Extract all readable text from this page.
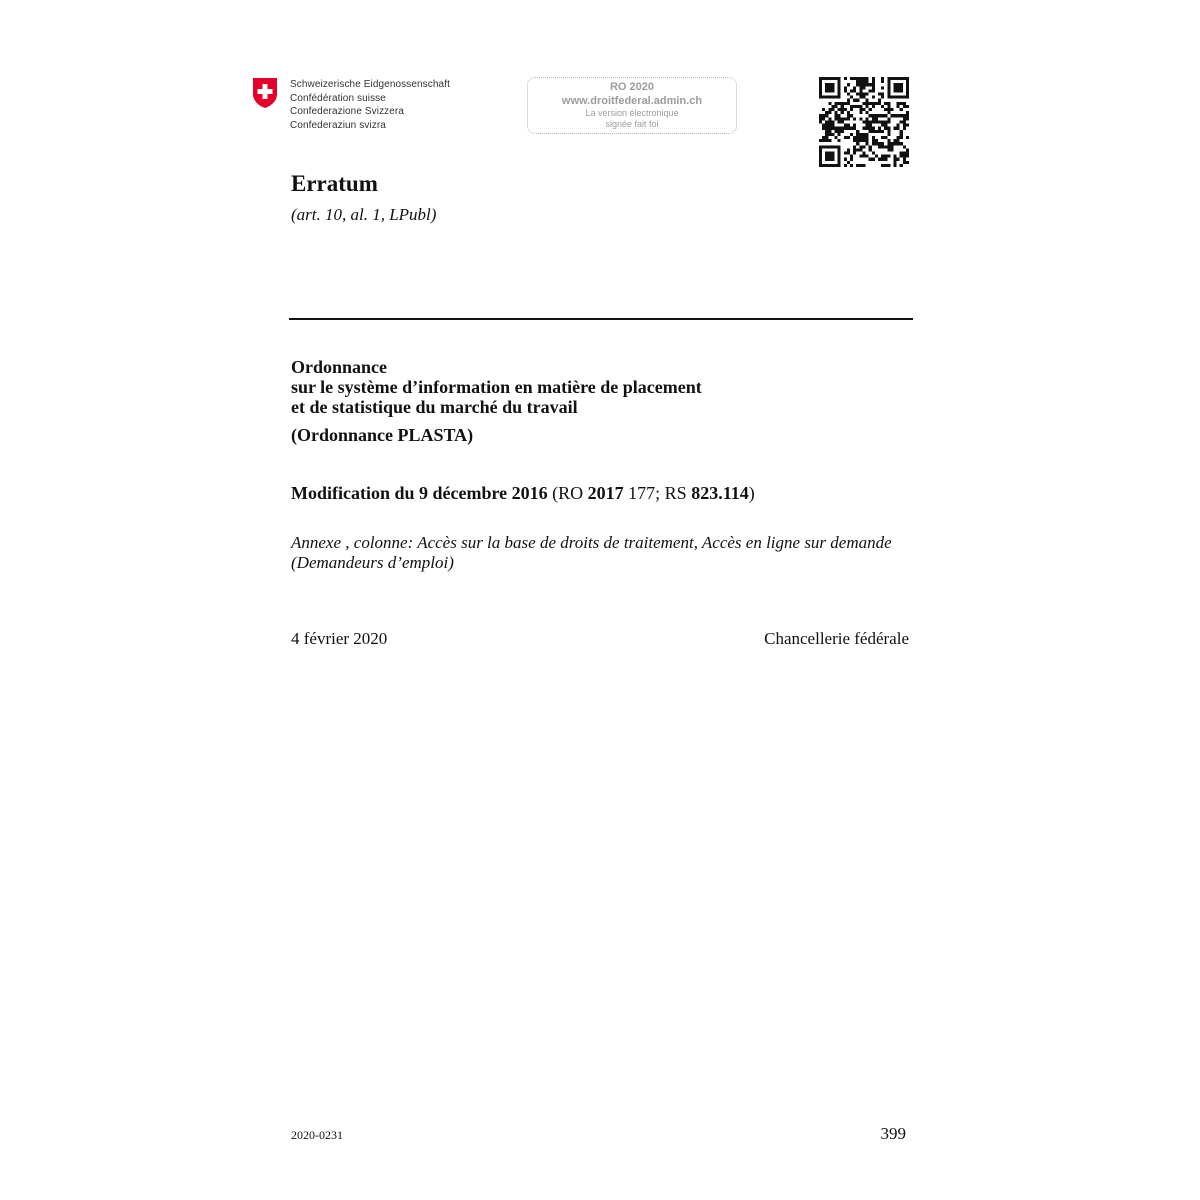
Schweizerische Eidgenossenschaft
Confédération suisse
Confederazione Svizzera
Confederaziun svizra
RO 2020
www.droitfederal.admin.ch
La version électronique
signée fait foi
Erratum
(art. 10, al. 1, LPubl)
Ordonnance
sur le système d’information en matière de placement
et de statistique du marché du travail
(Ordonnance PLASTA)
Modification du 9 décembre 2016 (RO 2017 177; RS 823.114)
Annexe , colonne: Accès sur la base de droits de traitement, Accès en ligne sur demande (Demandeurs d’emploi)
4 février 2020	Chancellerie fédérale
2020-0231	399
